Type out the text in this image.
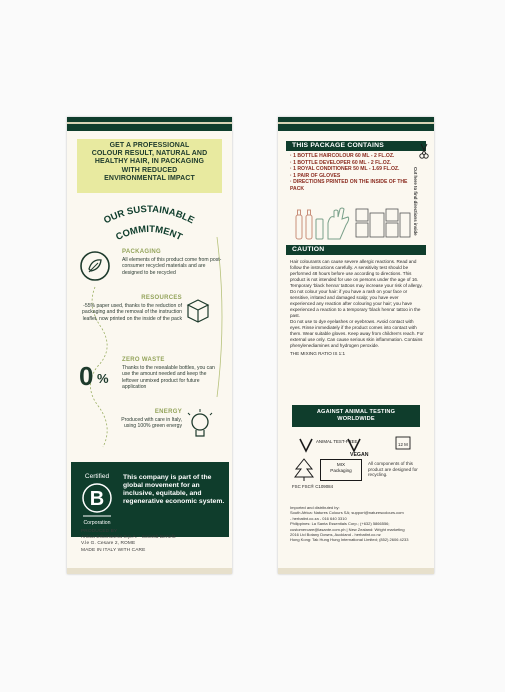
GET A PROFESSIONAL
COLOUR RESULT, NATURAL AND
HEALTHY HAIR, IN PACKAGING
WITH REDUCED
ENVIRONMENTAL IMPACT
OUR SUSTAINABLE
COMMITMENT
PACKAGING
All elements of this product come from post-consumer recycled materials and are designed to be recycled
RESOURCES
-55% paper used, thanks to the reduction of packaging and the removal of the instruction leaflet, now printed on the inside of the pack
0 %
ZERO WASTE
Thanks to the resealable bottles, you can use the amount needed and keep the leftover unmixed product for future application
ENERGY
Produced with care in Italy, using 100% green energy
Certified
B
Corporation
This company is part of the global movement for an inclusive, equitable, and regenerative economic system.
PRODUCED BY
Antica Erboristeria S.p.A. - Società Benefit
V.le G. Cesare 2, ROME
MADE IN ITALY WITH CARE
THIS PACKAGE CONTAINS
· 1 BOTTLE HAIRCOLOUR 60 ML - 2 FL.OZ.
· 1 BOTTLE DEVELOPER 60 ML - 2 FL.OZ.
· 1 ROYAL CONDITIONER 50 ML - 1.69 FL.OZ.
· 1 PAIR OF GLOVES
· DIRECTIONS PRINTED ON THE INSIDE OF THE PACK	Cut here to find directions inside
CAUTION

Hair colourants can cause severe allergic reactions. Read and follow the instructions carefully. A sensitivity test should be performed 48 hours before use according to directions. This product is not intended for use on persons under the age of 16. Temporary 'black henna' tattoos may increase your risk of allergy.

Do not colour your hair: if you have a rash on your face or sensitive, irritated and damaged scalp; you have ever experienced any reaction after colouring your hair; you have experienced a reaction to a temporary 'black henna' tattoo in the past.

Do not use to dye eyelashes or eyebrows. Avoid contact with eyes. Rinse immediately if the product comes into contact with them. Wear suitable gloves. Keep away from children's reach. For external use only. Can cause serious skin inflammation. Contains phenylenediamines and hydrogen peroxide.

THE MIXING RATIO IS 1:1

AGAINST ANIMAL TESTING
WORLDWIDE
ANIMAL TEST-FREE
VEGAN
12 M
MIX
Packaging
FSC FSC® C109084
All components of this product are designed for recycling.
Imported and distributed by:
South Africa: Natures Colours SA; support@naturescolours.com
- herbatint.co.za - 016 640 3310
Philippines: La Santa Essentials Corp.; (+632) 5866556;
customercare@lasante.com.ph | New Zealand: Wright marketing
2016 Ltd Botany Downs, Auckland - herbatint.co.nz
Hong Kong: Tak Hung Hung International Limited; (852) 2606 4233
